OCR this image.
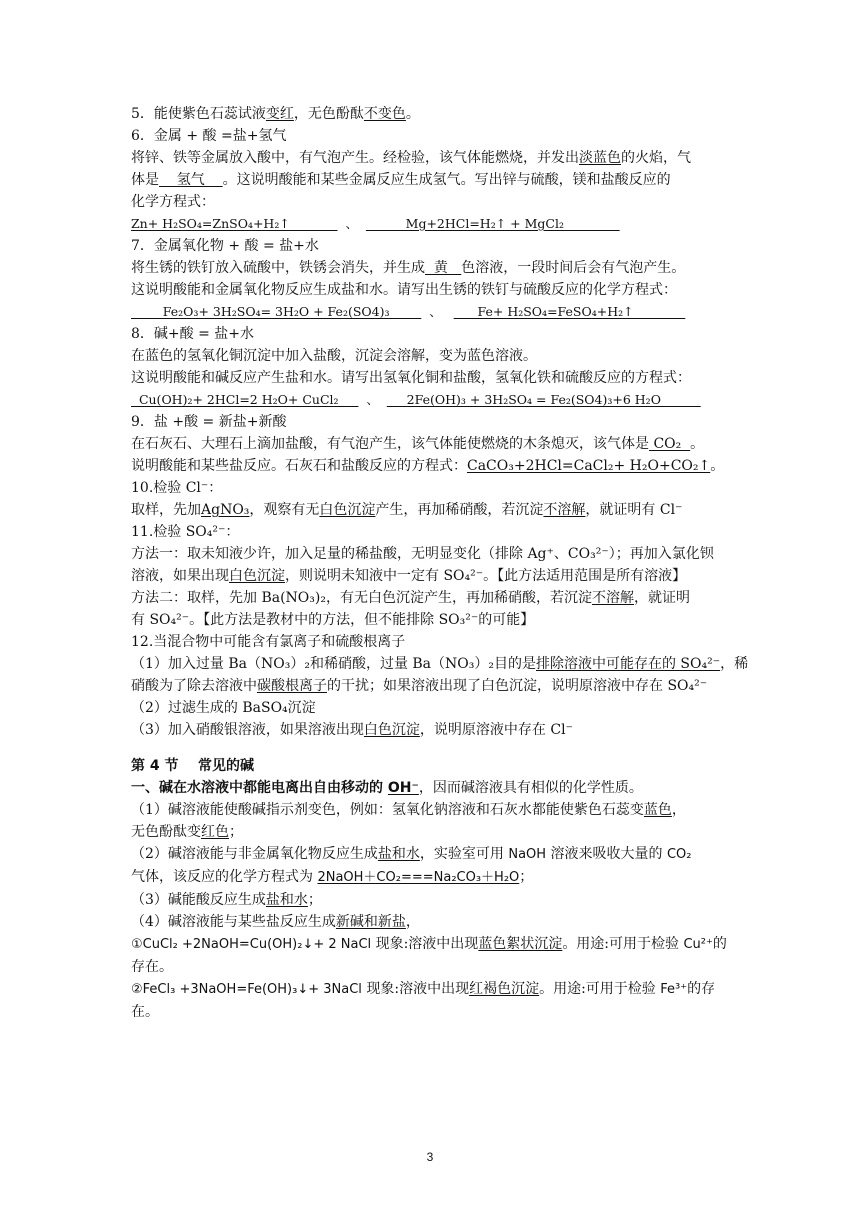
5．能使紫色石蕊试液变红，无色酚酞不变色。
6．金属 + 酸 =盐+氢气
将锌、铁等金属放入酸中，有气泡产生。经检验，该气体能燃烧，并发出淡蓝色的火焰，气
体是    氢气    。这说明酸能和某些金属反应生成氢气。写出锌与硫酸，镁和盐酸反应的
化学方程式：
Zn+ H₂SO₄=ZnSO₄+H₂↑              、            Mg+2HCl=H₂↑ + MgCl₂
7．金属氧化物 + 酸 = 盐+水
将生锈的铁钉放入硫酸中，铁锈会消失，并生成  黄   色溶液，一段时间后会有气泡产生。
这说明酸能和金属氧化物反应生成盐和水。请写出生锈的铁钉与硫酸反应的化学方程式：
Fe₂O₃+ 3H₂SO₄= 3H₂O + Fe₂(SO4)₃          、         Fe+ H₂SO₄=FeSO₄+H₂↑
8．碱+酸 = 盐+水
在蓝色的氢氧化铜沉淀中加入盐酸，沉淀会溶解，变为蓝色溶液。
这说明酸能和碱反应产生盐和水。请写出氢氧化铜和盐酸，氢氧化铁和硫酸反应的方程式：
Cu(OH)₂+ 2HCl=2 H₂O+ CuCl₂       、       2Fe(OH)₃ + 3H₂SO₄ = Fe₂(SO4)₃+6 H₂O
9．盐 +酸 = 新盐+新酸
在石灰石、大理石上滴加盐酸，有气泡产生，该气体能使燃烧的木条熄灭，该气体是 CO₂  。
说明酸能和某些盐反应。石灰石和盐酸反应的方程式：CaCO₃+2HCl=CaCl₂+ H₂O+CO₂↑。
10.检验 Cl⁻：
取样，先加AgNO₃，观察有无白色沉淀产生，再加稀硝酸，若沉淀不溶解，就证明有 Cl⁻
11.检验 SO₄²⁻：
方法一：取未知液少许，加入足量的稀盐酸，无明显变化（排除 Ag⁺、CO₃²⁻）；再加入氯化钡
溶液，如果出现白色沉淀，则说明未知液中一定有 SO₄²⁻。【此方法适用范围是所有溶液】
方法二：取样，先加 Ba(NO₃)₂，有无白色沉淀产生，再加稀硝酸，若沉淀不溶解，就证明
有 SO₄²⁻。【此方法是教材中的方法，但不能排除 SO₃²⁻的可能】
12.当混合物中可能含有氯离子和硫酸根离子
（1）加入过量 Ba（NO₃）₂和稀硝酸，过量 Ba（NO₃）₂目的是排除溶液中可能存在的 SO₄²⁻，稀
硝酸为了除去溶液中碳酸根离子的干扰；如果溶液出现了白色沉淀，说明原溶液中存在 SO₄²⁻
（2）过滤生成的 BaSO₄沉淀
（3）加入硝酸银溶液，如果溶液出现白色沉淀，说明原溶液中存在 Cl⁻
第 4 节    常见的碱
一、碱在水溶液中都能电离出自由移动的 OH⁻，因而碱溶液具有相似的化学性质。
（1）碱溶液能使酸碱指示剂变色，例如：氢氧化钠溶液和石灰水都能使紫色石蕊变蓝色，
无色酚酞变红色；
（2）碱溶液能与非金属氧化物反应生成盐和水，实验室可用 NaOH 溶液来吸收大量的 CO₂
气体，该反应的化学方程式为 2NaOH＋CO₂===Na₂CO₃＋H₂O；
（3）碱能酸反应生成盐和水；
（4）碱溶液能与某些盐反应生成新碱和新盐，
①CuCl₂ +2NaOH=Cu(OH)₂↓+ 2 NaCl 现象:溶液中出现蓝色絮状沉淀。用途:可用于检验 Cu²⁺的
存在。
②FeCl₃ +3NaOH=Fe(OH)₃↓+ 3NaCl 现象:溶液中出现红褐色沉淀。用途:可用于检验 Fe³⁺的存
在。
3
